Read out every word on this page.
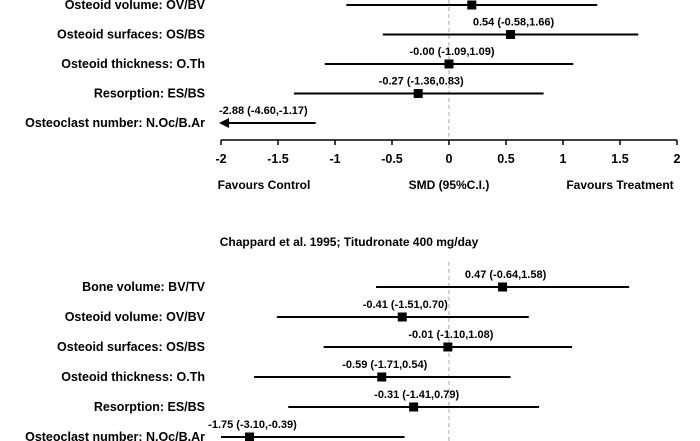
Osteoid volume: OV/BV
Osteoid surfaces: OS/BS
0.54 (-0.58,1.66)
Osteoid thickness: O.Th
-0.00 (-1.09,1.09)
Resorption: ES/BS
-0.27 (-1.36,0.83)
Osteoclast number: N.Oc/B.Ar
-2.88 (-4.60,-1.17)
-2	-1.5	-1	-0.5	0	0.5	1	1.5	2
Favours Control	SMD (95%C.I.)	Favours Treatment
Chappard et al. 1995; Titudronate 400 mg/day
Bone volume: BV/TV
0.47 (-0.64,1.58)
Osteoid volume: OV/BV
-0.41 (-1.51,0.70)
Osteoid surfaces: OS/BS
-0.01 (-1.10,1.08)
Osteoid thickness: O.Th
-0.59 (-1.71,0.54)
Resorption: ES/BS
-0.31 (-1.41,0.79)
Osteoclast number: N.Oc/B.Ar
-1.75 (-3.10,-0.39)
